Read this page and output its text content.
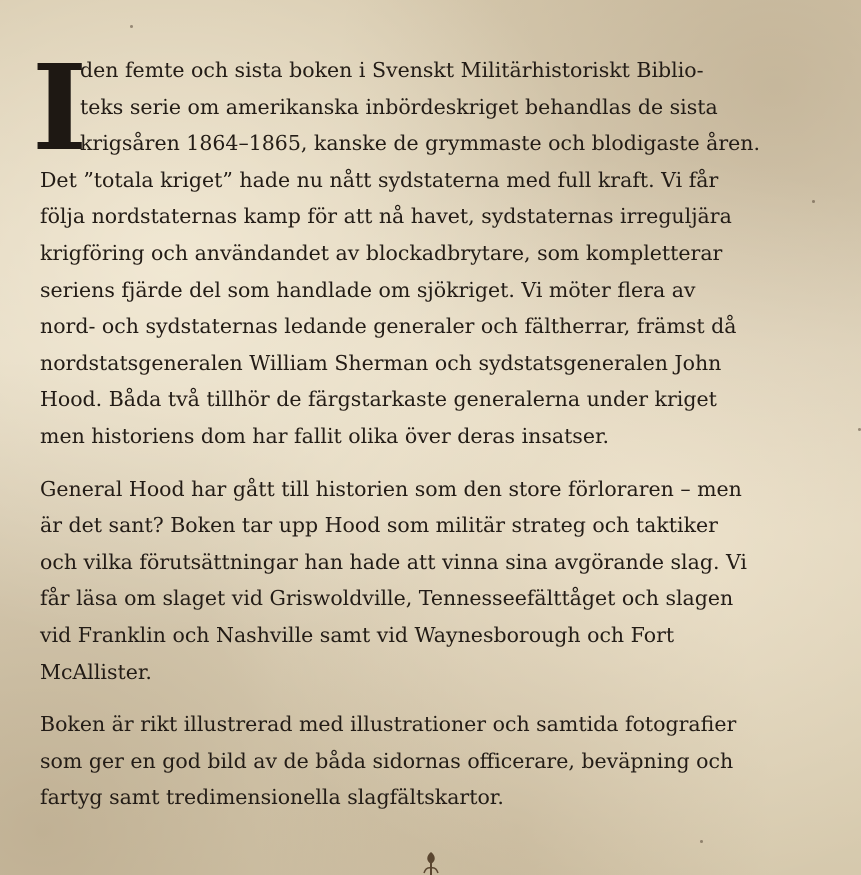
I

den femte och sista boken i Svenskt Militärhistoriskt Biblio-
teks serie om amerikanska inbördeskriget behandlas de sista
krigsåren 1864–1865, kanske de grymmaste och blodigaste åren.
Det ”totala kriget” hade nu nått sydstaterna med full kraft. Vi får
följa nordstaternas kamp för att nå havet, sydstaternas irreguljära
krigföring och användandet av blockadbrytare, som kompletterar
seriens fjärde del som handlade om sjökriget. Vi möter flera av
nord- och sydstaternas ledande generaler och fältherrar, främst då
nordstatsgeneralen William Sherman och sydstatsgeneralen John
Hood. Båda två tillhör de färgstarkaste generalerna under kriget
men historiens dom har fallit olika över deras insatser.

General Hood har gått till historien som den store förloraren – men
är det sant? Boken tar upp Hood som militär strateg och taktiker
och vilka förutsättningar han hade att vinna sina avgörande slag. Vi
får läsa om slaget vid Griswoldville, Tennesseefälttåget och slagen
vid Franklin och Nashville samt vid Waynesborough och Fort
McAllister.

Boken är rikt illustrerad med illustrationer och samtida fotografier
som ger en god bild av de båda sidornas officerare, beväpning och
fartyg samt tredimensionella slagfältskartor.
